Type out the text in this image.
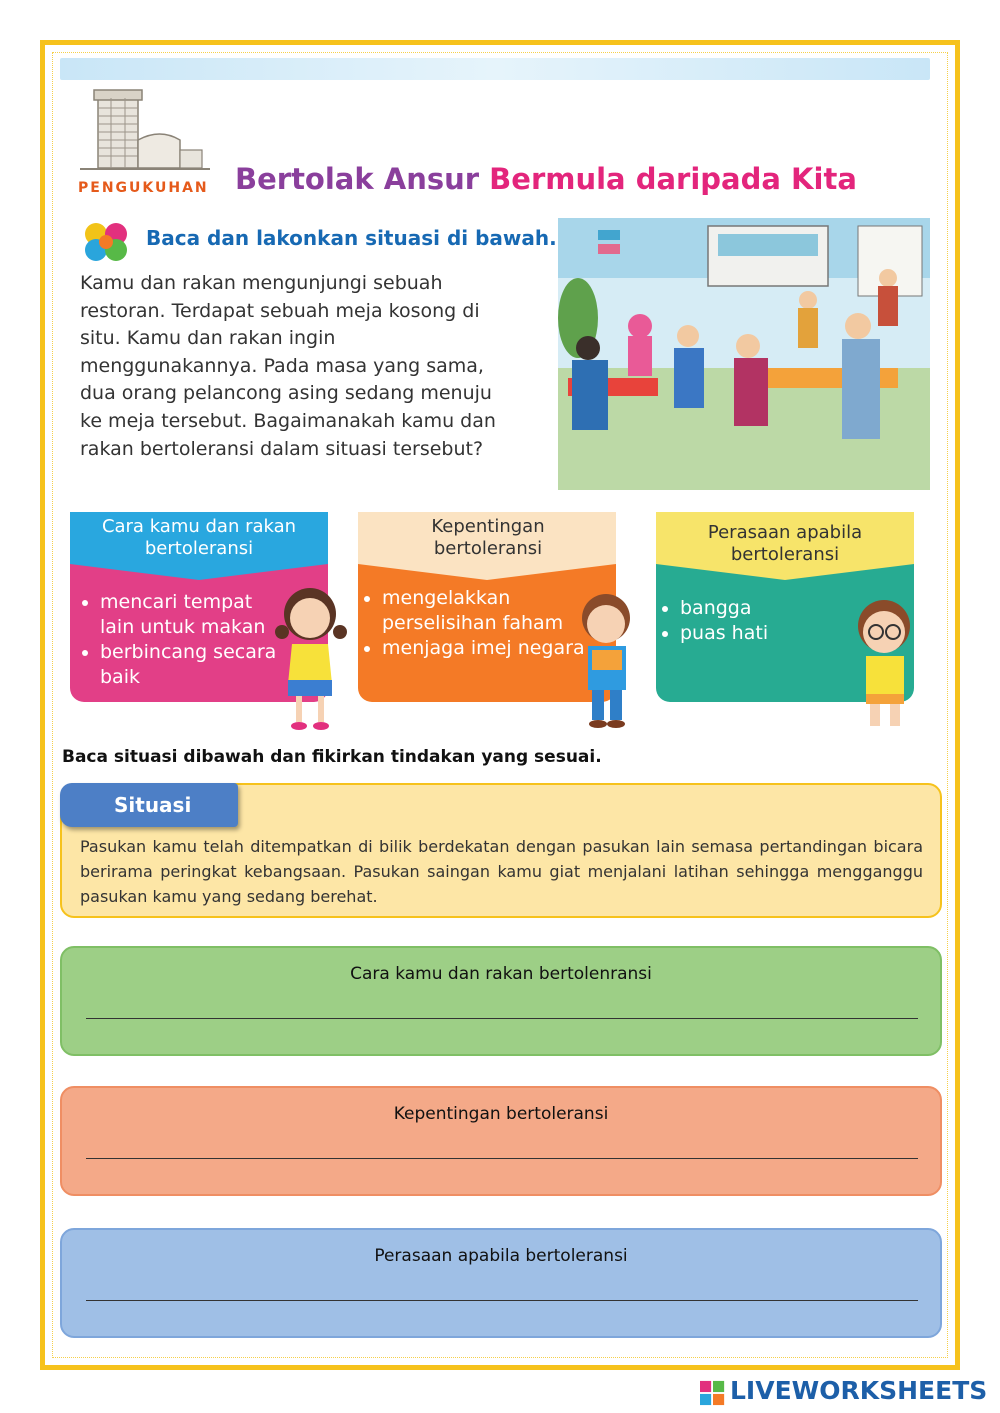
PENGUKUHAN Bertolak Ansur Bermula daripada Kita
Baca dan lakonkan situasi di bawah.
Kamu dan rakan mengunjungi sebuah restoran. Terdapat sebuah meja kosong di situ. Kamu dan rakan ingin menggunakannya. Pada masa yang sama, dua orang pelancong asing sedang menuju ke meja tersebut. Bagaimanakah kamu dan rakan bertoleransi dalam situasi tersebut?
Cara kamu dan rakan bertoleransi
• mencari tempat lain untuk makan
• berbincang secara baik
Kepentingan bertoleransi
• mengelakkan perselisihan faham
• menjaga imej negara
Perasaan apabila bertoleransi
• bangga
• puas hati
Baca situasi dibawah dan fikirkan tindakan yang sesuai.
Situasi
Pasukan kamu telah ditempatkan di bilik berdekatan dengan pasukan lain semasa pertandingan bicara berirama peringkat kebangsaan. Pasukan saingan kamu giat menjalani latihan sehingga mengganggu pasukan kamu yang sedang berehat.
Cara kamu dan rakan bertolenransi
Kepentingan bertoleransi
Perasaan apabila bertoleransi
LIVEWORKSHEETS
